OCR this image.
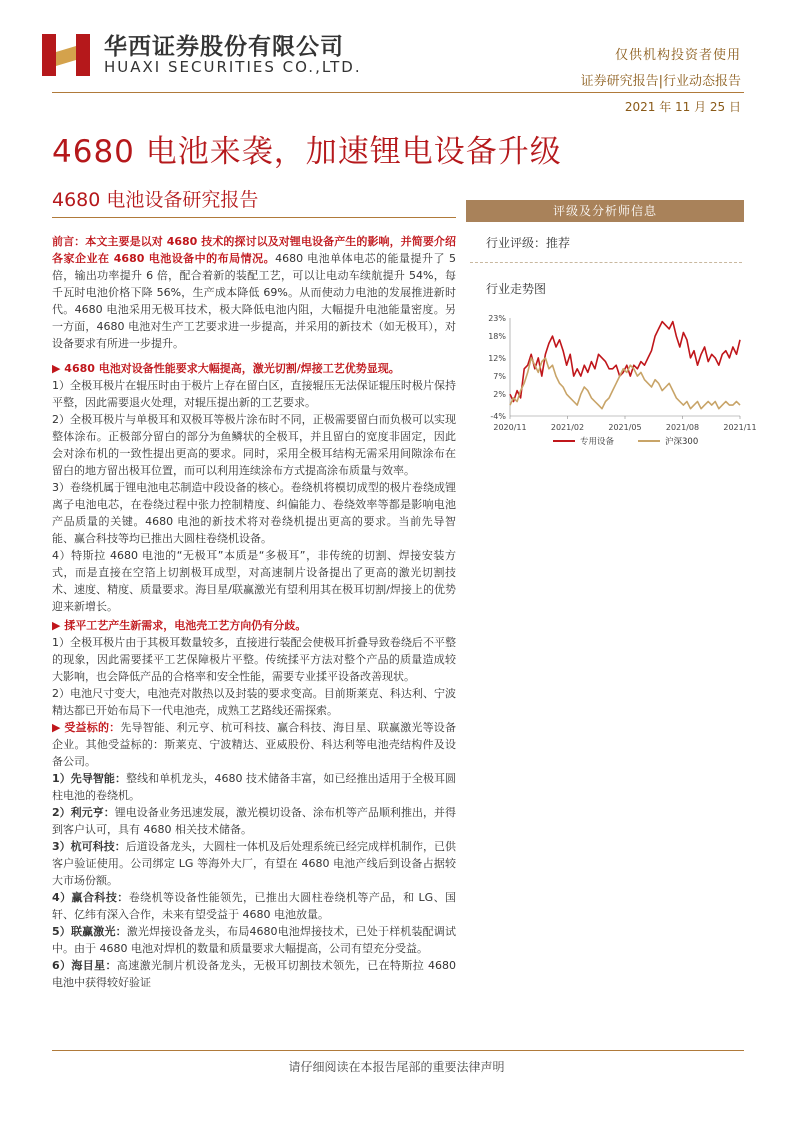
华西证券股份有限公司
HUAXI SECURITIES CO.,LTD.
仅供机构投资者使用
证券研究报告|行业动态报告
2021 年 11 月 25 日
4680 电池来袭，加速锂电设备升级
4680 电池设备研究报告

前言：本文主要是以对 4680 技术的探讨以及对锂电设备产生的影响，并简要介绍各家企业在 4680 电池设备中的布局情况。4680 电池单体电芯的能量提升了 5 倍，输出功率提升 6 倍，配合着新的装配工艺，可以让电动车续航提升 54%，每千瓦时电池价格下降 56%，生产成本降低 69%。从而使动力电池的发展推进新时代。4680 电池采用无极耳技术，极大降低电池内阻，大幅提升电池能量密度。另一方面，4680 电池对生产工艺要求进一步提高，并采用的新技术（如无极耳），对设备要求有所进一步提升。

▶ 4680 电池对设备性能要求大幅提高，激光切割/焊接工艺优势显现。

1）全极耳极片在辊压时由于极片上存在留白区，直接辊压无法保证辊压时极片保持平整，因此需要退火处理，对辊压提出新的工艺要求。

2）全极耳极片与单极耳和双极耳等极片涂布时不同，正极需要留白而负极可以实现整体涂布。正极部分留白的部分为鱼鳞状的全极耳，并且留白的宽度非固定，因此会对涂布机的一致性提出更高的要求。同时，采用全极耳结构无需采用间隙涂布在留白的地方留出极耳位置，而可以利用连续涂布方式提高涂布质量与效率。

3）卷绕机属于锂电池电芯制造中段设备的核心。卷绕机将模切成型的极片卷绕成锂离子电池电芯，在卷绕过程中张力控制精度、纠偏能力、卷绕效率等都是影响电池产品质量的关键。4680 电池的新技术将对卷绕机提出更高的要求。当前先导智能、赢合科技等均已推出大圆柱卷绕机设备。

4）特斯拉 4680 电池的“无极耳”本质是“多极耳”，非传统的切割、焊接安装方式，而是直接在空箔上切割极耳成型，对高速制片设备提出了更高的激光切割技术、速度、精度、质量要求。海目星/联赢激光有望利用其在极耳切割/焊接上的优势迎来新增长。

▶ 揉平工艺产生新需求，电池壳工艺方向仍有分歧。

1）全极耳极片由于其极耳数量较多，直接进行装配会使极耳折叠导致卷绕后不平整的现象，因此需要揉平工艺保障极片平整。传统揉平方法对整个产品的质量造成较大影响，也会降低产品的合格率和安全性能，需要专业揉平设备改善现状。

2）电池尺寸变大，电池壳对散热以及封装的要求变高。目前斯莱克、科达利、宁波精达都已开始布局下一代电池壳，成熟工艺路线还需探索。

▶ 受益标的：先导智能、利元亨、杭可科技、赢合科技、海目星、联赢激光等设备企业。其他受益标的：斯莱克、宁波精达、亚威股份、科达利等电池壳结构件及设备公司。

1）先导智能：整线和单机龙头，4680 技术储备丰富，如已经推出适用于全极耳圆柱电池的卷绕机。

2）利元亨：锂电设备业务迅速发展，激光模切设备、涂布机等产品顺利推出，并得到客户认可，具有 4680 相关技术储备。

3）杭可科技：后道设备龙头，大圆柱一体机及后处理系统已经完成样机制作，已供客户验证使用。公司绑定 LG 等海外大厂，有望在 4680 电池产线后到设备占据较大市场份额。

4）赢合科技：卷绕机等设备性能领先，已推出大圆柱卷绕机等产品，和 LG、国轩、亿纬有深入合作，未来有望受益于 4680 电池放量。

5）联赢激光：激光焊接设备龙头，布局4680电池焊接技术，已处于样机装配调试中。由于 4680 电池对焊机的数量和质量要求大幅提高，公司有望充分受益。

6）海目星：高速激光制片机设备龙头，无极耳切割技术领先，已在特斯拉 4680 电池中获得较好验证

评级及分析师信息
行业评级：推荐
行业走势图
23%
18%
12%
7%
2%
-4%
2020/11	2021/02	2021/05	2021/08	2021/11
专用设备	沪深300
请仔细阅读在本报告尾部的重要法律声明
